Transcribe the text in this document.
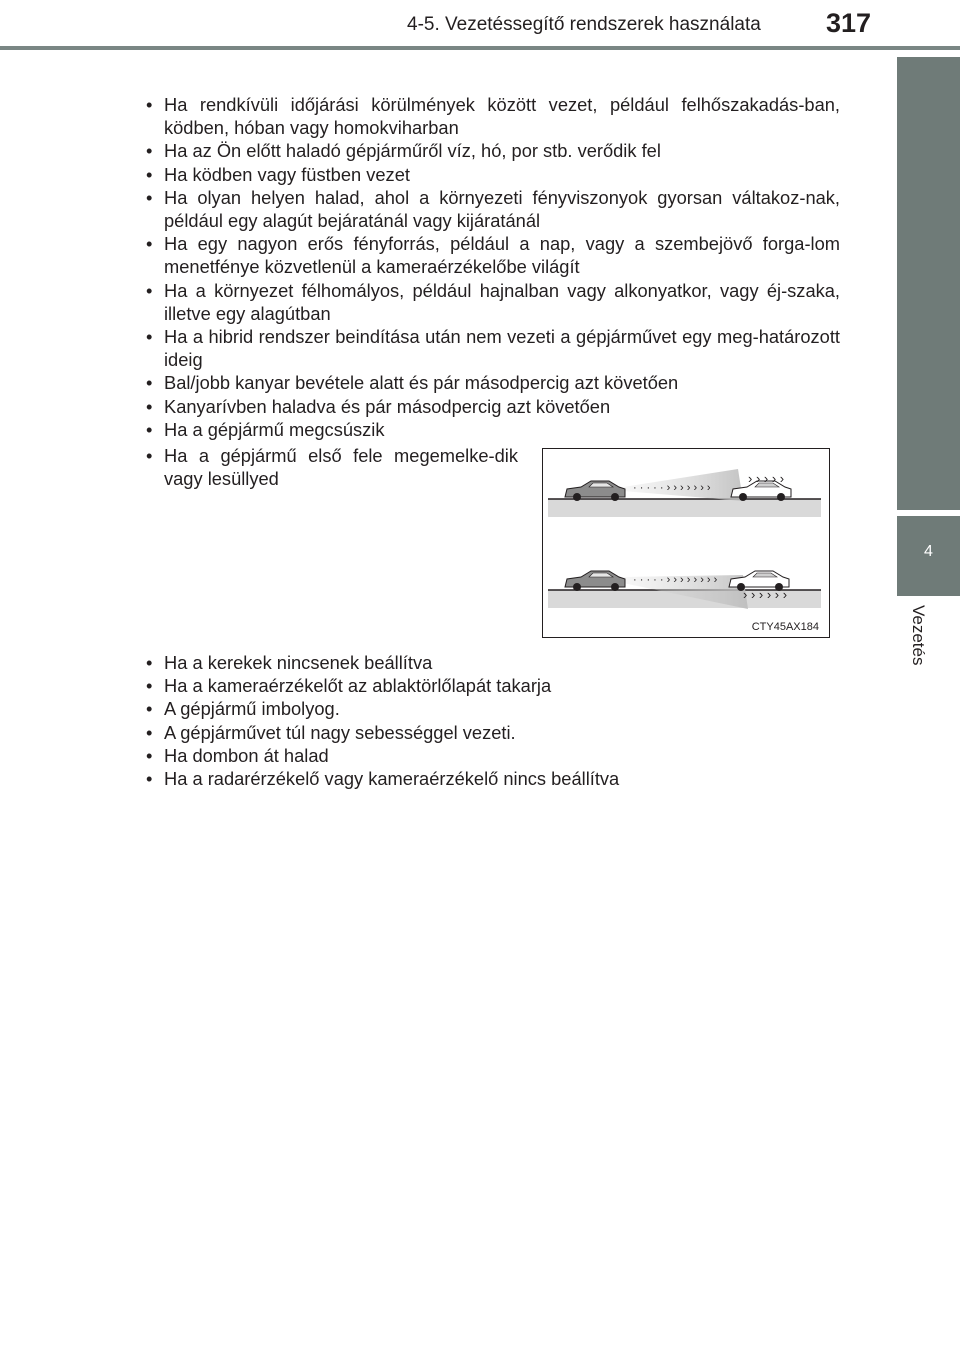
4-5. Vezetéssegítő rendszerek használata 317
4
Vezetés
• Ha rendkívüli időjárási körülmények között vezet, például felhőszakadás-ban, ködben, hóban vagy homokviharban
• Ha az Ön előtt haladó gépjárműről víz, hó, por stb. verődik fel
• Ha ködben vagy füstben vezet
• Ha olyan helyen halad, ahol a környezeti fényviszonyok gyorsan váltakoz-nak, például egy alagút bejáratánál vagy kijáratánál
• Ha egy nagyon erős fényforrás, például a nap, vagy a szembejövő forga-lom menetfénye közvetlenül a kameraérzékelőbe világít
• Ha a környezet félhomályos, például hajnalban vagy alkonyatkor, vagy éj-szaka, illetve egy alagútban
• Ha a hibrid rendszer beindítása után nem vezeti a gépjárművet egy meg-határozott ideig
• Bal/jobb kanyar bevétele alatt és pár másodpercig azt követően
• Kanyarívben haladva és pár másodpercig azt követően
• Ha a gépjármű megcsúszik
• Ha a gépjármű első fele megemelke-dik vagy lesüllyed	· · · · · › › › › › › ›
› › › › ›
· · · · · › › › › › › › ›
› › › › › ›
CTY45AX184
• Ha a kerekek nincsenek beállítva
• Ha a kameraérzékelőt az ablaktörlőlapát takarja
• A gépjármű imbolyog.
• A gépjárművet túl nagy sebességgel vezeti.
• Ha dombon át halad
• Ha a radarérzékelő vagy kameraérzékelő nincs beállítva
